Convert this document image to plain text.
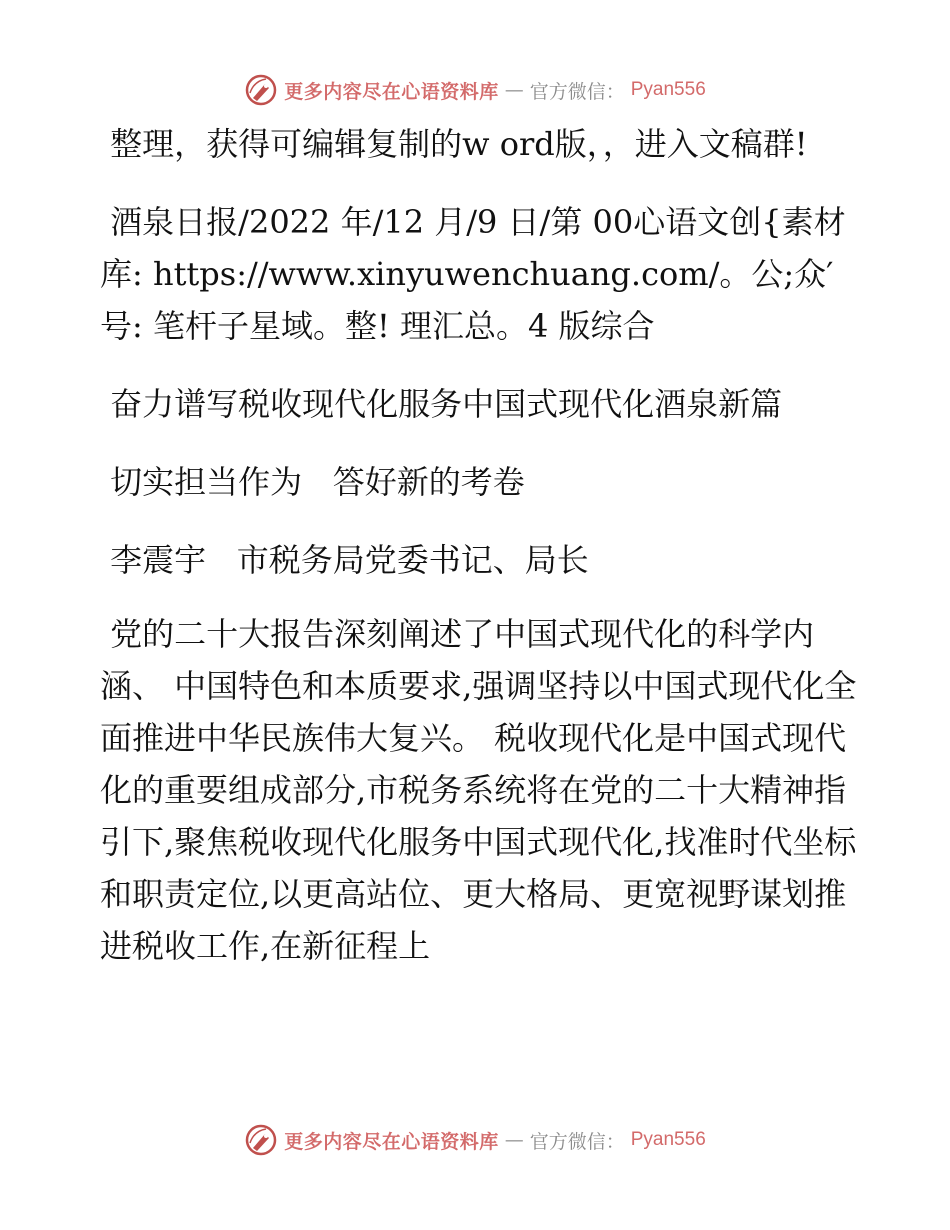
更多内容尽在心语资料库 — 官方微信： Pyan556

整理，获得可编辑复制的w ord版，，进入文稿群!

酒泉日报/2022 年/12 月/9 日/第 00心语文创{素材库: https://www.xinyuwenchuang.com/。公;众′号: 笔杆子星域。整! 理汇总。4 版综合

奋力谱写税收现代化服务中国式现代化酒泉新篇

切实担当作为   答好新的考卷

李震宇   市税务局党委书记、局长

党的二十大报告深刻阐述了中国式现代化的科学内涵、 中国特色和本质要求,强调坚持以中国式现代化全面推进中华民族伟大复兴。 税收现代化是中国式现代化的重要组成部分,市税务系统将在党的二十大精神指引下,聚焦税收现代化服务中国式现代化,找准时代坐标和职责定位,以更高站位、更大格局、更宽视野谋划推进税收工作,在新征程上

更多内容尽在心语资料库 — 官方微信： Pyan556
